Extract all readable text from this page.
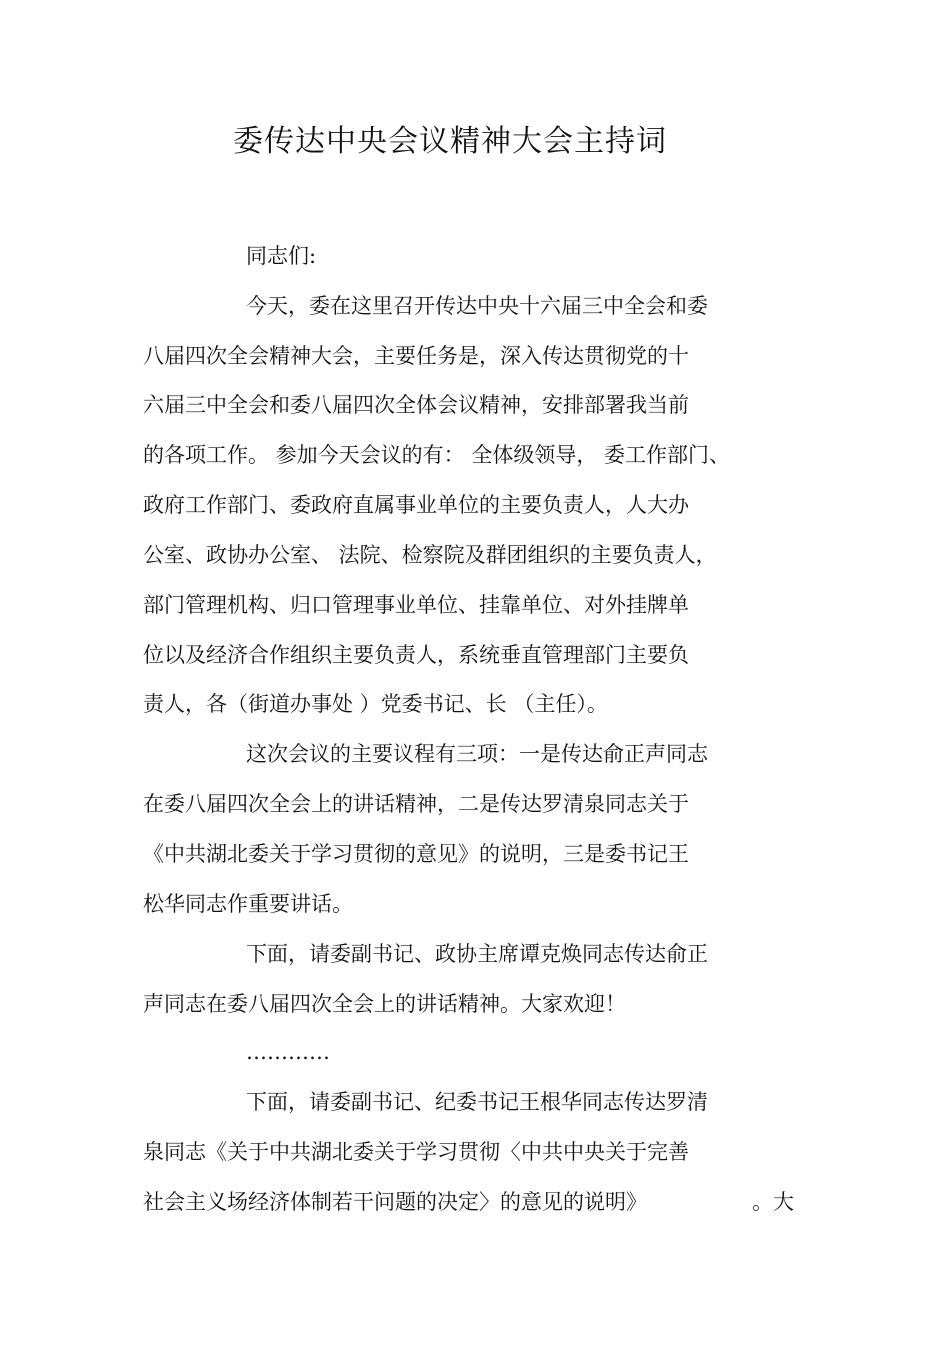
委传达中央会议精神大会主持词
同志们:
今天，委在这里召开传达中央十六届三中全会和委
八届四次全会精神大会，主要任务是，深入传达贯彻党的十
六届三中全会和委八届四次全体会议精神，安排部署我当前
的各项工作。 参加今天会议的有： 全体级领导， 委工作部门、
政府工作部门、委政府直属事业单位的主要负责人，人大办
公室、政协办公室、 法院、检察院及群团组织的主要负责人，
部门管理机构、归口管理事业单位、挂靠单位、对外挂牌单
位以及经济合作组织主要负责人，系统垂直管理部门主要负
责人，各（街道办事处 ）党委书记、长 （主任）。
这次会议的主要议程有三项：一是传达俞正声同志
在委八届四次全会上的讲话精神，二是传达罗清泉同志关于
《中共湖北委关于学习贯彻的意见》的说明，三是委书记王
松华同志作重要讲话。
下面，请委副书记、政协主席谭克焕同志传达俞正
声同志在委八届四次全会上的讲话精神。大家欢迎！
…………
下面，请委副书记、纪委书记王根华同志传达罗清
泉同志《关于中共湖北委关于学习贯彻〈中共中央关于完善
社会主义场经济体制若干问题的决定〉的意见的说明》	。大
